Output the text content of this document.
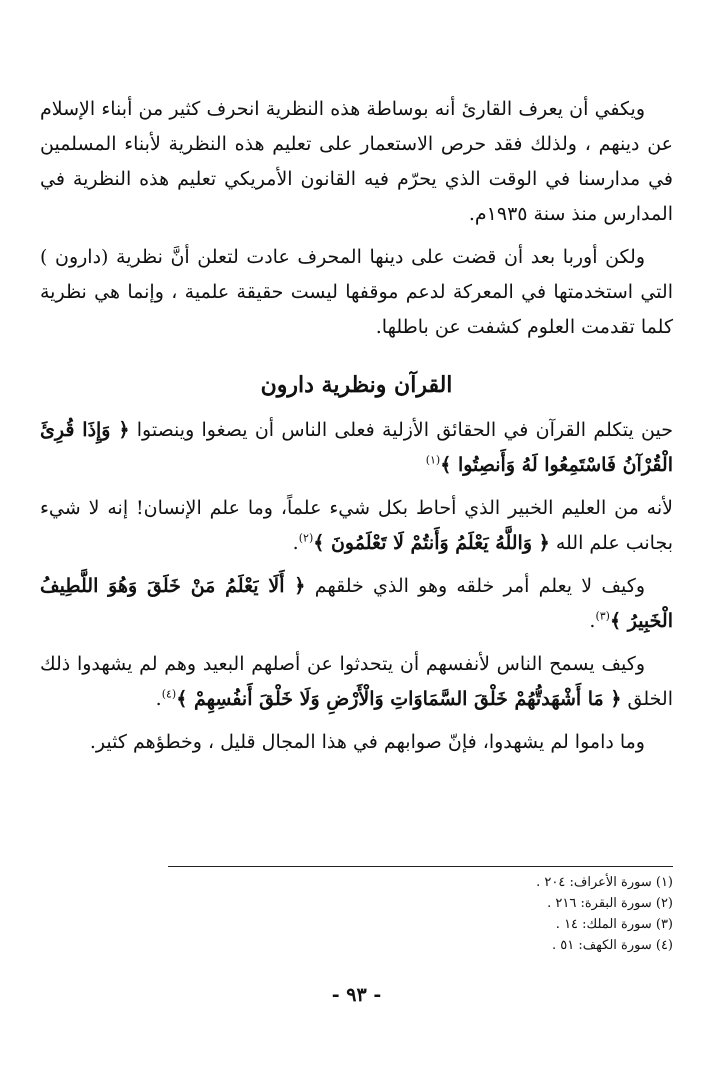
ويكفي أن يعرف القارئ أنه بوساطة هذه النظرية انحرف كثير من أبناء الإسلام عن دينهم ، ولذلك فقد حرص الاستعمار على تعليم هذه النظرية لأبناء المسلمين في مدارسنا في الوقت الذي يحرّم فيه القانون الأمريكي تعليم هذه النظرية في المدارس منذ سنة ١٩٣٥م.

ولكن أوربا بعد أن قضت على دينها المحرف عادت لتعلن أنَّ نظرية (دارون ) التي استخدمتها في المعركة لدعم موقفها ليست حقيقة علمية ، وإنما هي نظرية كلما تقدمت العلوم كشفت عن باطلها.

القرآن ونظرية دارون

حين يتكلم القرآن في الحقائق الأزلية فعلى الناس أن يصغوا وينصتوا ﴿ وَإِذَا قُرِئَ الْقُرْآنُ فَاسْتَمِعُوا لَهُ وَأَنصِتُوا ﴾$^{(١)}$

لأنه من العليم الخبير الذي أحاط بكل شيء علماً، وما علم الإنسان! إنه لا شيء بجانب علم الله ﴿ وَاللَّهُ يَعْلَمُ وَأَنتُمْ لَا تَعْلَمُونَ ﴾$^{(٢)}$.

وكيف لا يعلم أمر خلقه وهو الذي خلقهم ﴿ أَلَا يَعْلَمُ مَنْ خَلَقَ وَهُوَ اللَّطِيفُ الْخَبِيرُ ﴾$^{(٣)}$.

وكيف يسمح الناس لأنفسهم أن يتحدثوا عن أصلهم البعيد وهم لم يشهدوا ذلك الخلق ﴿ مَا أَشْهَدتُّهُمْ خَلْقَ السَّمَاوَاتِ وَالْأَرْضِ وَلَا خَلْقَ أَنفُسِهِمْ ﴾$^{(٤)}$.

وما داموا لم يشهدوا، فإنّ صوابهم في هذا المجال قليل ، وخطؤهم كثير.

(١) سورة الأعراف: ٢٠٤ .
(٢) سورة البقرة: ٢١٦ .
(٣) سورة الملك: ١٤ .
(٤) سورة الكهف: ٥١ .
- ٩٣ -
